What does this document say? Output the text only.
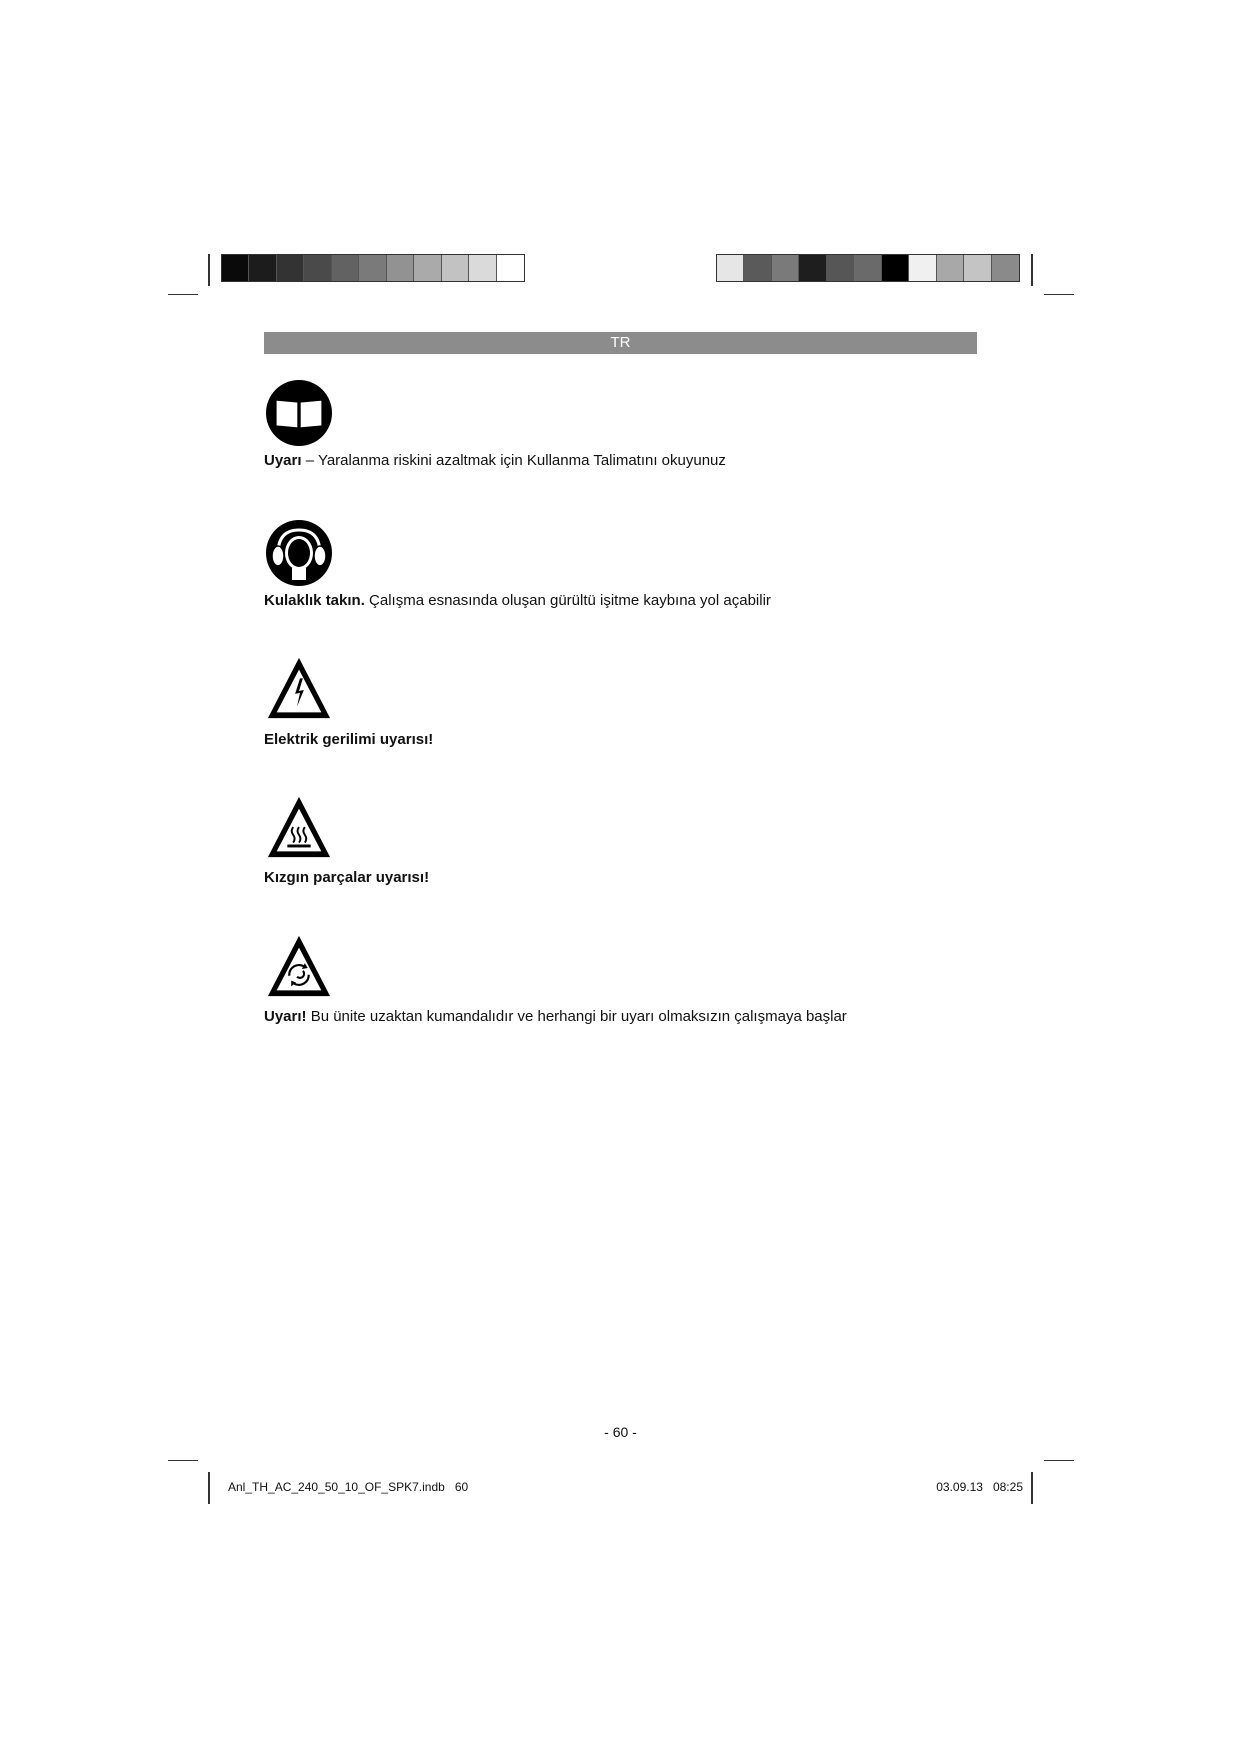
TR
Uyarı – Yaralanma riskini azaltmak için Kullanma Talimatını okuyunuz
Kulaklık takın. Çalışma esnasında oluşan gürültü işitme kaybına yol açabilir
Elektrik gerilimi uyarısı!
Kızgın parçalar uyarısı!
Uyarı! Bu ünite uzaktan kumandalıdır ve herhangi bir uyarı olmaksızın çalışmaya başlar
- 60 -
Anl_TH_AC_240_50_10_OF_SPK7.indb   60	03.09.13   08:25
